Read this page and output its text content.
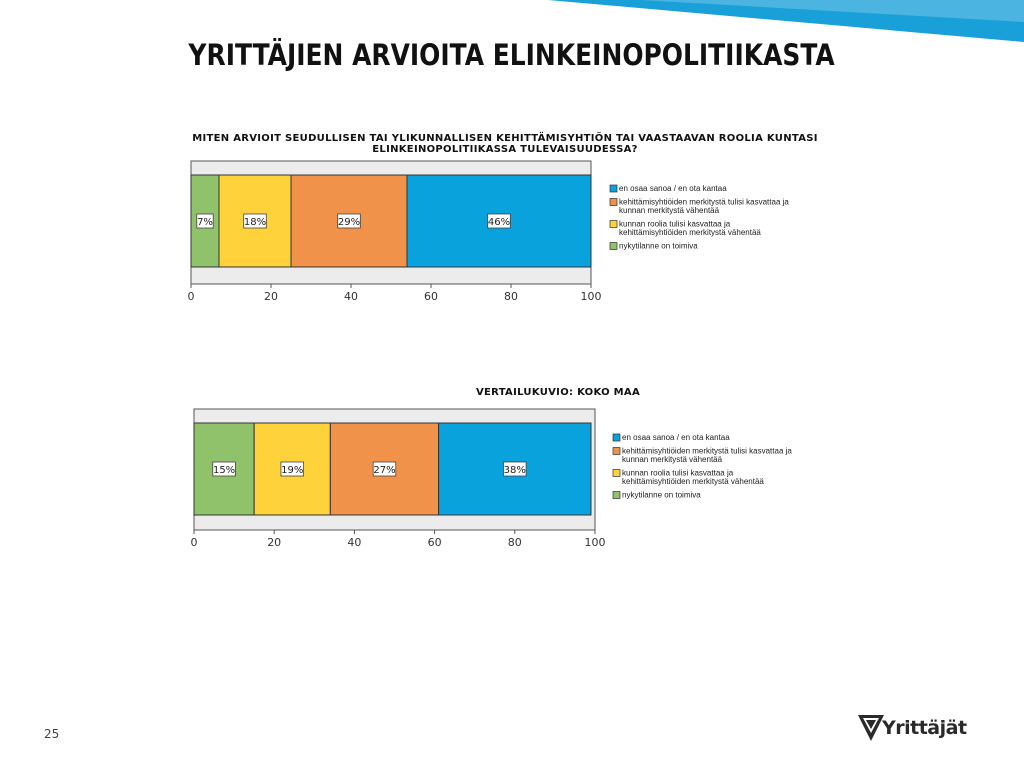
YRITTÄJIEN ARVIOITA ELINKEINOPOLITIIKASTA
MITEN ARVIOIT SEUDULLISEN TAI YLIKUNNALLISEN KEHITTÄMISYHTIÖN TAI VAASTAAVAN ROOLIA KUNTASI
ELINKEINOPOLITIIKASSA TULEVAISUUDESSA?
7%	18%	29%	46%
0	20	40	60	80	100
en osaa sanoa / en ota kantaa
kehittämisyhtiöiden merkitystä tulisi kasvattaa ja
kunnan merkitystä vähentää
kunnan roolia tulisi kasvattaa ja
kehittämisyhtiöiden merkitystä vähentää
nykytilanne on toimiva
VERTAILUKUVIO: KOKO MAA
15%	19%	27%	38%
0	20	40	60	80	100
en osaa sanoa / en ota kantaa
kehittämisyhtiöiden merkitystä tulisi kasvattaa ja
kunnan merkitystä vähentää
kunnan roolia tulisi kasvattaa ja
kehittämisyhtiöiden merkitystä vähentää
nykytilanne on toimiva
25	Yrittäjät
